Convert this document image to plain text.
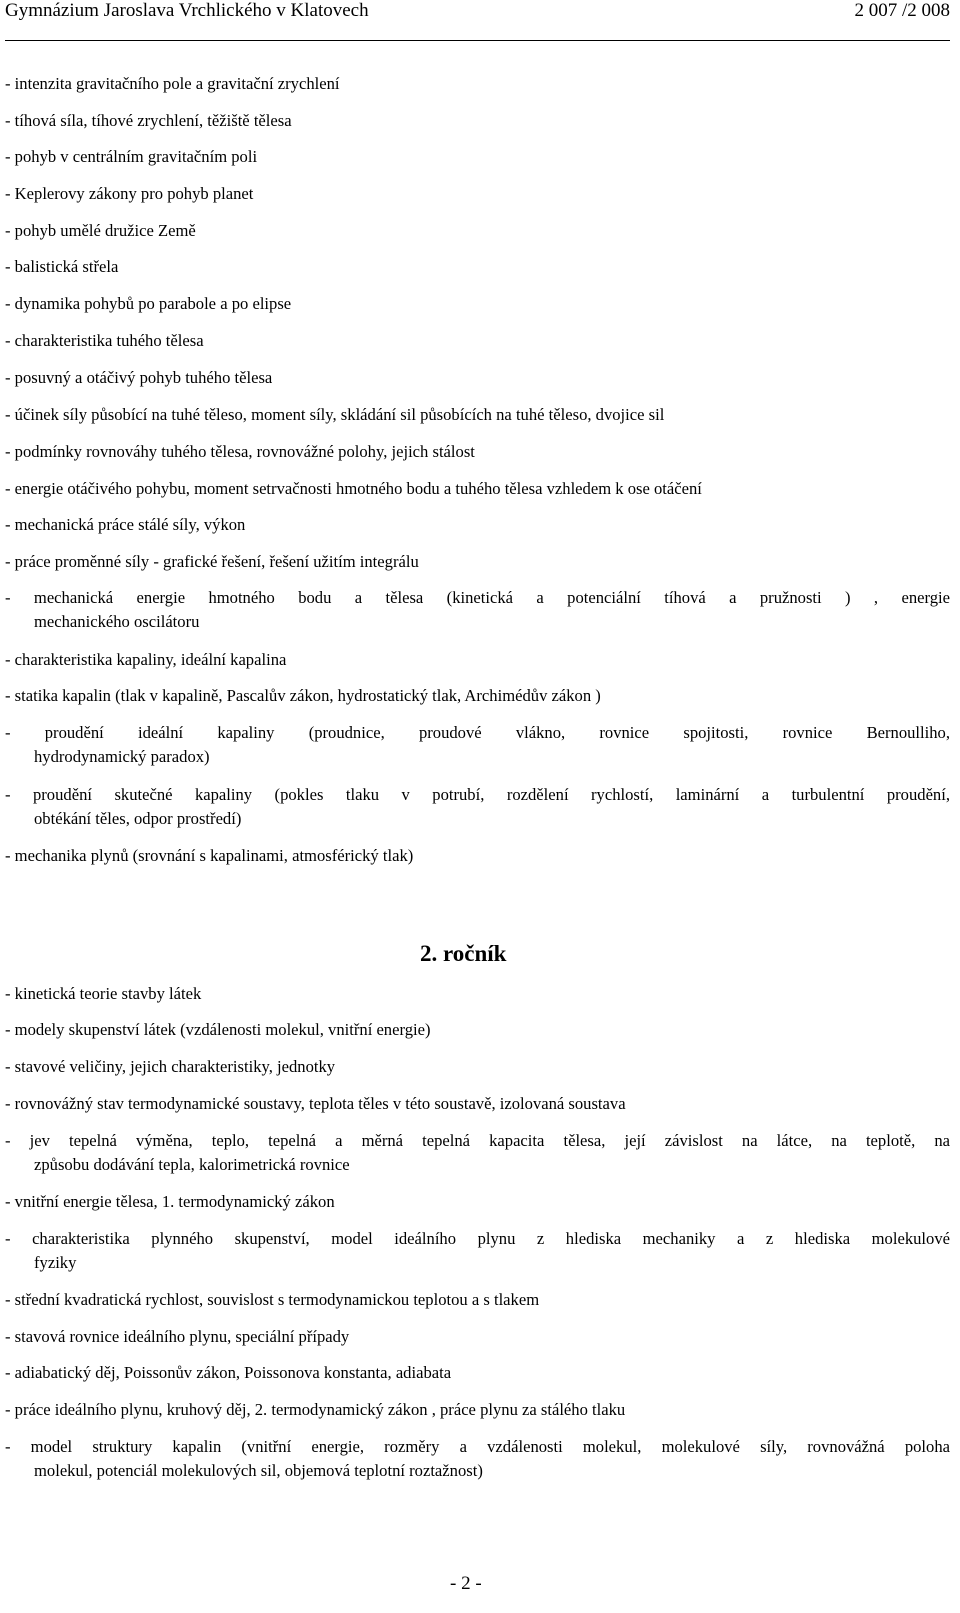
Gymnázium Jaroslava Vrchlického v Klatovech	2 007 /2 008
- intenzita gravitačního pole a gravitační zrychlení
- tíhová síla, tíhové zrychlení, těžiště tělesa
- pohyb v centrálním gravitačním poli
- Keplerovy zákony pro pohyb planet
- pohyb umělé družice Země
- balistická střela
- dynamika pohybů po parabole a po elipse
- charakteristika tuhého tělesa
- posuvný a otáčivý pohyb tuhého tělesa
- účinek síly působící na tuhé těleso, moment síly, skládání sil působících na tuhé těleso, dvojice sil
- podmínky rovnováhy tuhého tělesa, rovnovážné polohy, jejich stálost
- energie otáčivého pohybu, moment setrvačnosti hmotného bodu a tuhého tělesa vzhledem k ose otáčení
- mechanická práce stálé síly, výkon
- práce proměnné síly - grafické řešení, řešení užitím integrálu
- mechanická energie hmotného bodu a tělesa (kinetická a potenciální tíhová a pružnosti ) , energie
mechanického oscilátoru
- charakteristika kapaliny, ideální kapalina
- statika kapalin (tlak v kapalině, Pascalův zákon, hydrostatický tlak, Archimédův zákon )
- proudění ideální kapaliny (proudnice, proudové vlákno, rovnice spojitosti, rovnice Bernoulliho,
hydrodynamický paradox)
- proudění skutečné kapaliny (pokles tlaku v potrubí, rozdělení rychlostí, laminární a turbulentní proudění,
obtékání těles, odpor prostředí)
- mechanika plynů (srovnání s kapalinami, atmosférický tlak)
- kinetická teorie stavby látek
- modely skupenství látek (vzdálenosti molekul, vnitřní energie)
- stavové veličiny, jejich charakteristiky, jednotky
- rovnovážný stav termodynamické soustavy, teplota těles v této soustavě, izolovaná soustava
- jev tepelná výměna, teplo, tepelná a měrná tepelná kapacita tělesa, její závislost na látce, na teplotě, na
způsobu dodávání tepla, kalorimetrická rovnice
- vnitřní energie tělesa, 1. termodynamický zákon
- charakteristika plynného skupenství, model ideálního plynu z hlediska mechaniky a z hlediska molekulové
fyziky
- střední kvadratická rychlost, souvislost s termodynamickou teplotou a s tlakem
- stavová rovnice ideálního plynu, speciální případy
- adiabatický děj, Poissonův zákon, Poissonova konstanta, adiabata
- práce ideálního plynu, kruhový děj, 2. termodynamický zákon , práce plynu za stálého tlaku
- model struktury kapalin (vnitřní energie, rozměry a vzdálenosti molekul, molekulové síly, rovnovážná poloha
molekul, potenciál molekulových sil, objemová teplotní roztažnost)
2. ročník
- 2 -
